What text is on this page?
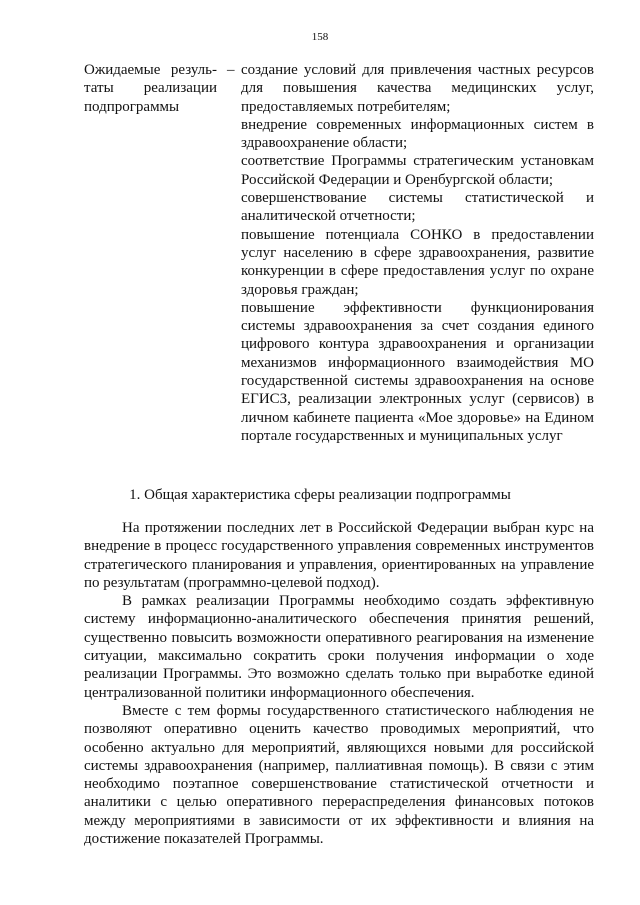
158
Ожидаемые резуль-таты реализации подпрограммы
– создание условий для привлечения частных ресурсов для повышения качества медицинских услуг, предоставляемых потребителям;
внедрение современных информационных систем в здравоохранение области;
соответствие Программы стратегическим установкам Российской Федерации и Оренбургской области;
совершенствование системы статистической и аналитической отчетности;
повышение потенциала СОНКО в предоставлении услуг населению в сфере здравоохранения, развитие конкуренции в сфере предоставления услуг по охране здоровья граждан;
повышение эффективности функционирования системы здравоохранения за счет создания единого цифрового контура здравоохранения и организации механизмов информационного взаимодействия МО государственной системы здравоохранения на основе ЕГИСЗ, реализации электронных услуг (сервисов) в личном кабинете пациента «Мое здоровье» на Едином портале государственных и муниципальных услуг
1. Общая характеристика сферы реализации подпрограммы

На протяжении последних лет в Российской Федерации выбран курс на внедрение в процесс государственного управления современных инструментов стратегического планирования и управления, ориентированных на управление по результатам (программно-целевой подход).

В рамках реализации Программы необходимо создать эффективную систему информационно-аналитического обеспечения принятия решений, существенно повысить возможности оперативного реагирования на изменение ситуации, максимально сократить сроки получения информации о ходе реализации Программы. Это возможно сделать только при выработке единой централизованной политики информационного обеспечения.

Вместе с тем формы государственного статистического наблюдения не позволяют оперативно оценить качество проводимых мероприятий, что особенно актуально для мероприятий, являющихся новыми для российской системы здравоохранения (например, паллиативная помощь). В связи с этим необходимо поэтапное совершенствование статистической отчетности и аналитики с целью оперативного перераспределения финансовых потоков между мероприятиями в зависимости от их эффективности и влияния на достижение показателей Программы.
